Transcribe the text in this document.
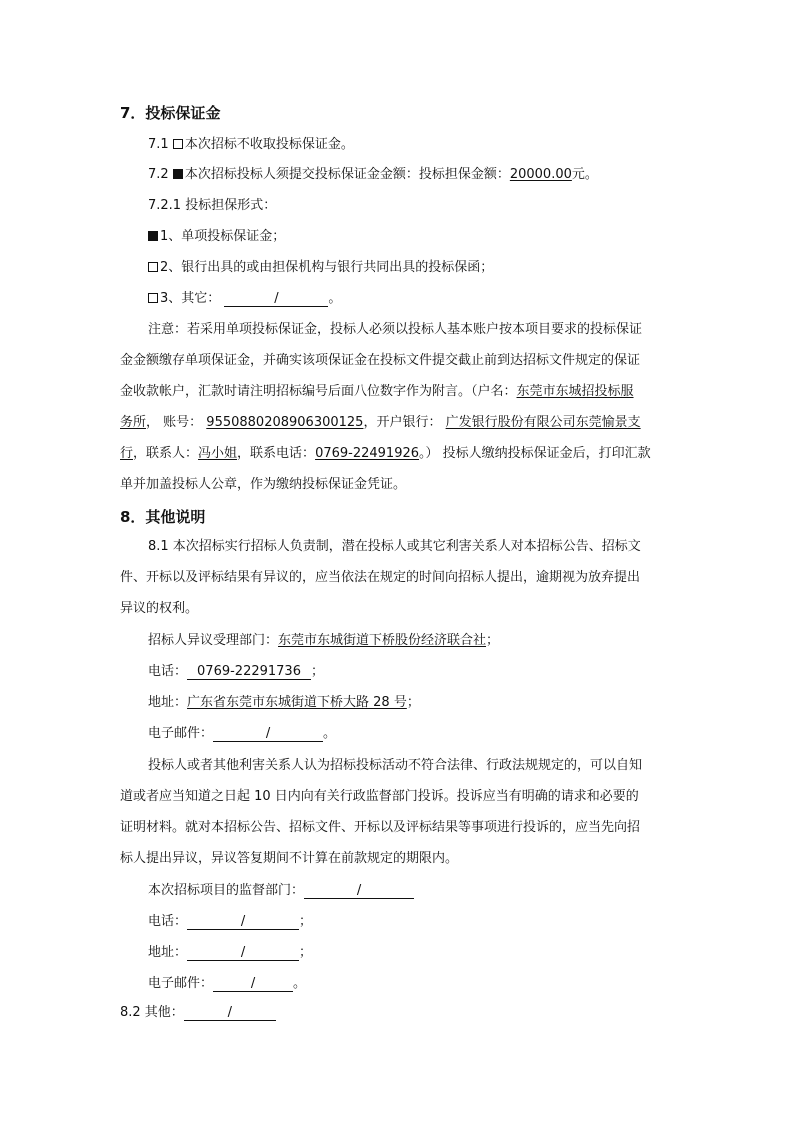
7．投标保证金
7.1 本次招标不收取投标保证金。
7.2 本次招标投标人须提交投标保证金金额：投标担保金额：20000.00元。
7.2.1 投标担保形式：
1、单项投标保证金；
2、银行出具的或由担保机构与银行共同出具的投标保函；
3、其它：	/	。
注意：若采用单项投标保证金，投标人必须以投标人基本账户按本项目要求的投标保证
金金额缴存单项保证金，并确实该项保证金在投标文件提交截止前到达招标文件规定的保证
金收款帐户，汇款时请注明招标编号后面八位数字作为附言。（户名：东莞市东城招投标服
务所， 账号： 9550880208906300125，开户银行： 广发银行股份有限公司东莞愉景支
行，联系人：冯小姐，联系电话：0769-22491926。） 投标人缴纳投标保证金后，打印汇款
单并加盖投标人公章，作为缴纳投标保证金凭证。
8．其他说明
8.1 本次招标实行招标人负责制，潜在投标人或其它利害关系人对本招标公告、招标文
件、开标以及评标结果有异议的，应当依法在规定的时间向招标人提出，逾期视为放弃提出
异议的权利。
招标人异议受理部门：东莞市东城街道下桥股份经济联合社；
电话： 0769-22291736 ；
地址：广东省东莞市东城街道下桥大路 28 号；
电子邮件：	/	。
投标人或者其他利害关系人认为招标投标活动不符合法律、行政法规规定的，可以自知
道或者应当知道之日起 10 日内向有关行政监督部门投诉。投诉应当有明确的请求和必要的
证明材料。就对本招标公告、招标文件、开标以及评标结果等事项进行投诉的，应当先向招
标人提出异议，异议答复期间不计算在前款规定的期限内。
本次招标项目的监督部门：	/
电话：	/	；
地址：	/	；
电子邮件：	/	。
8.2 其他：	/
